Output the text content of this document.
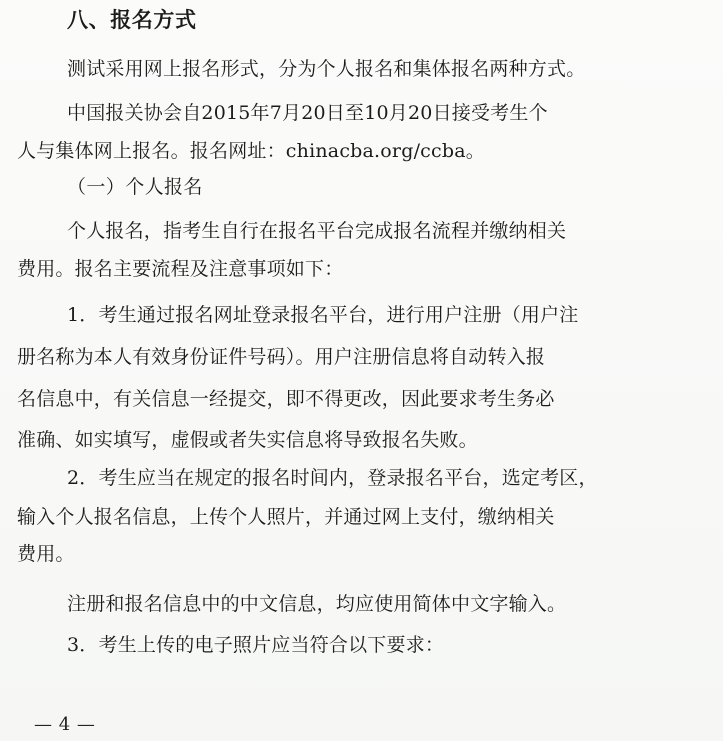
八、报名方式
测试采用网上报名形式，分为个人报名和集体报名两种方式。
中国报关协会自2015年7月20日至10月20日接受考生个
人与集体网上报名。报名网址：chinacba.org/ccba。
（一）个人报名
个人报名，指考生自行在报名平台完成报名流程并缴纳相关
费用。报名主要流程及注意事项如下：
1．考生通过报名网址登录报名平台，进行用户注册（用户注
册名称为本人有效身份证件号码）。用户注册信息将自动转入报
名信息中，有关信息一经提交，即不得更改，因此要求考生务必
准确、如实填写，虚假或者失实信息将导致报名失败。
2．考生应当在规定的报名时间内，登录报名平台，选定考区，
输入个人报名信息，上传个人照片，并通过网上支付，缴纳相关
费用。
注册和报名信息中的中文信息，均应使用简体中文字输入。
3．考生上传的电子照片应当符合以下要求：
— 4 —
